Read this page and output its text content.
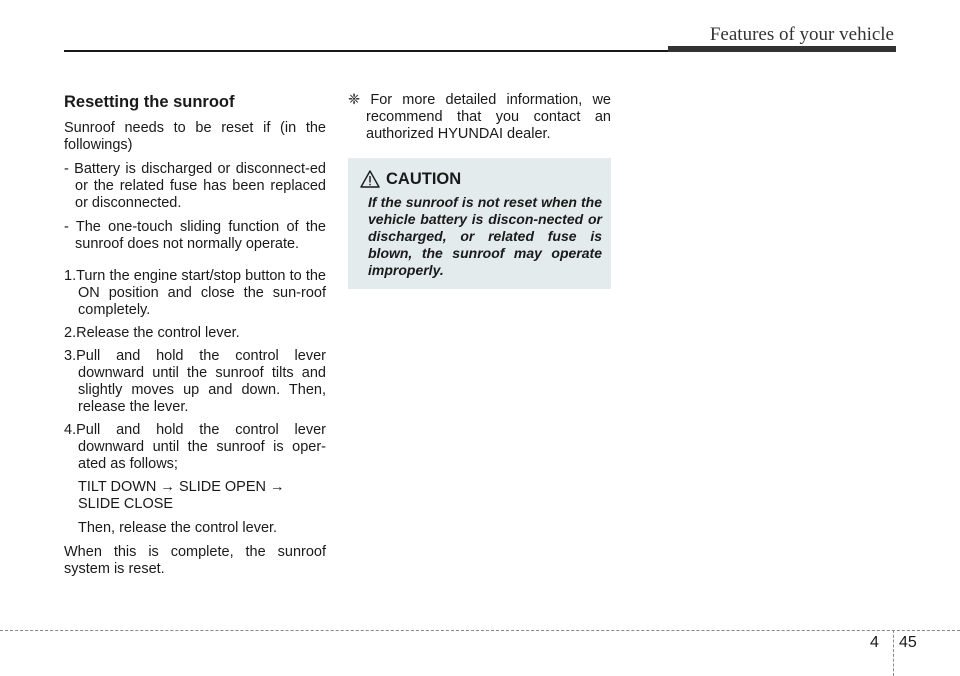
Features of your vehicle
Resetting the sunroof

Sunroof needs to be reset if (in the followings)

- Battery is discharged or disconnect-ed or the related fuse has been replaced or disconnected.

- The one-touch sliding function of the sunroof does not normally operate.

1.Turn the engine start/stop button to the ON position and close the sun-roof completely.

2.Release the control lever.

3.Pull and hold the control lever downward until the sunroof tilts and slightly moves up and down. Then, release the lever.

4.Pull and hold the control lever downward until the sunroof is oper-ated as follows;

TILT DOWN → SLIDE OPEN → SLIDE CLOSE

Then, release the control lever.

When this is complete, the sunroof system is reset.

❈ For more detailed information, we recommend that you contact an authorized HYUNDAI dealer.

CAUTION
If the sunroof is not reset when the vehicle battery is discon-nected or discharged, or related fuse is blown, the sunroof may operate improperly.
4 45
